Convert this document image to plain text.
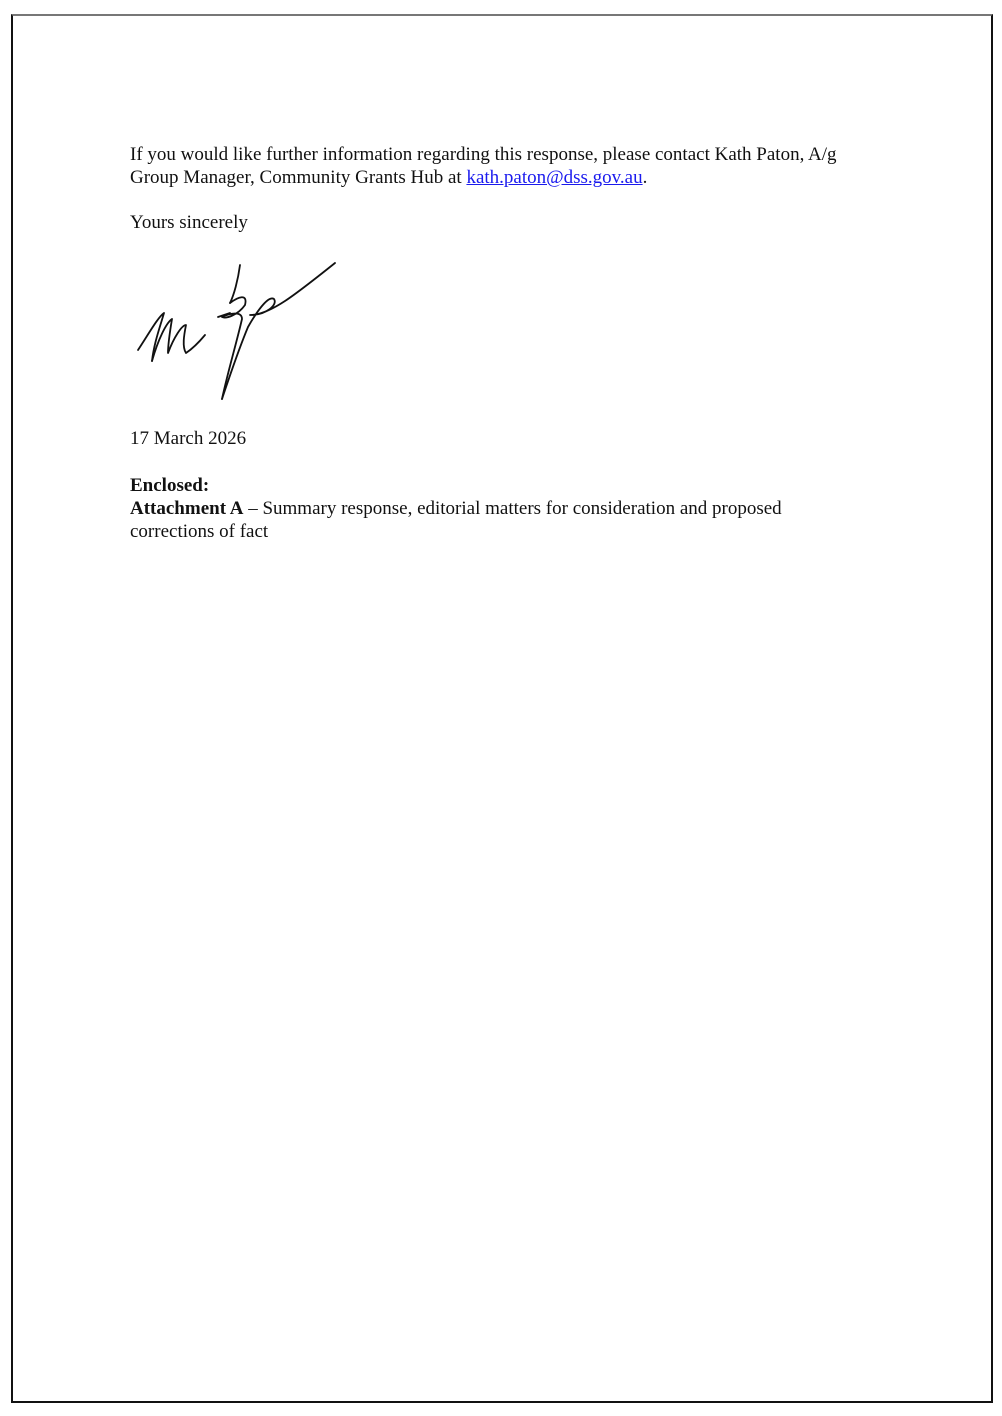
If you would like further information regarding this response, please contact Kath Paton, A/g
Group Manager, Community Grants Hub at kath.paton@dss.gov.au.
Yours sincerely
17 March 2026
Enclosed:
Attachment A – Summary response, editorial matters for consideration and proposed
corrections of fact
